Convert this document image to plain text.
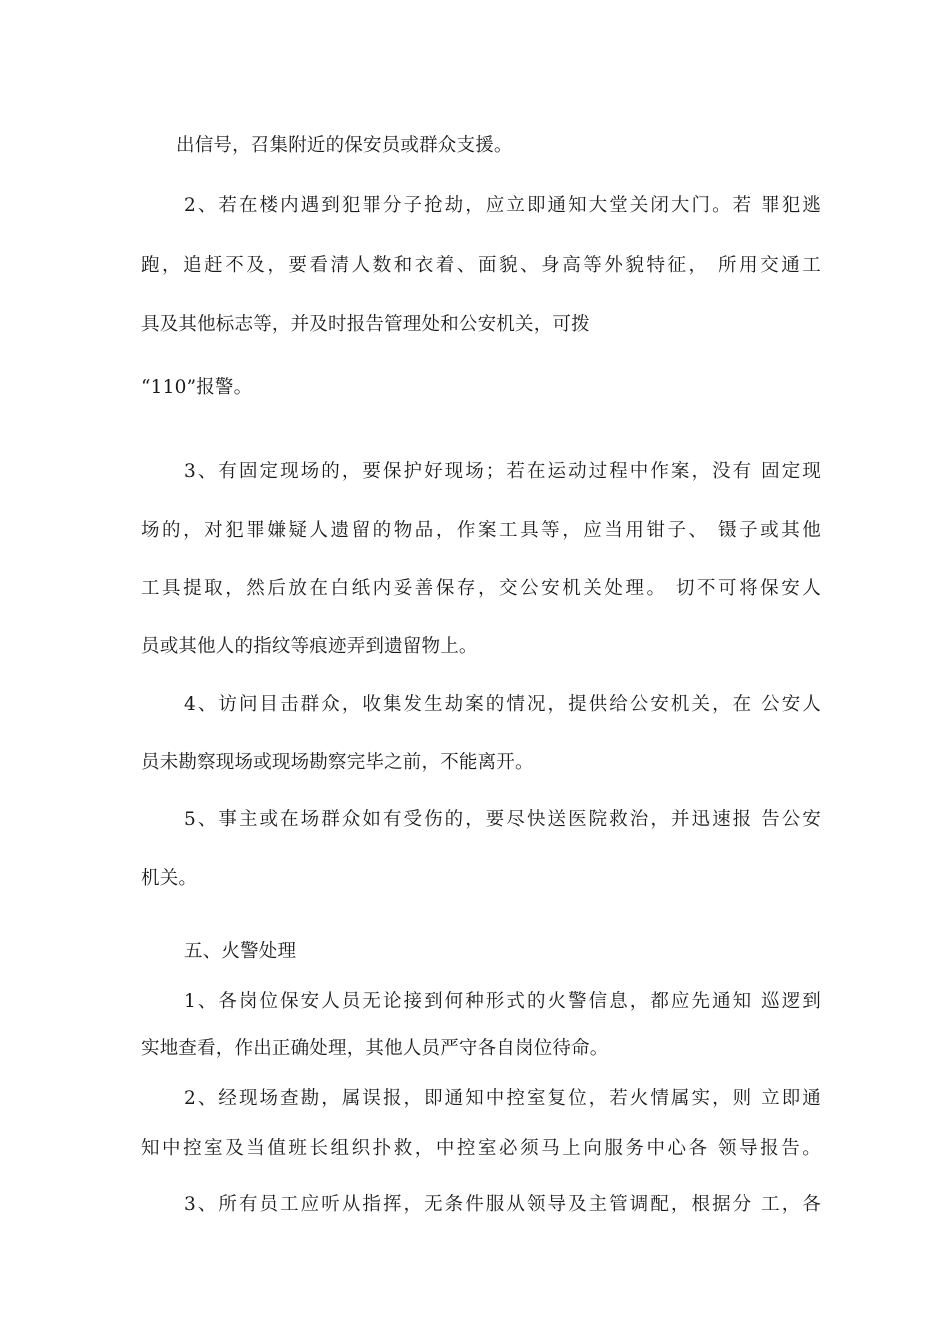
出信号，召集附近的保安员或群众支援。
2、若在楼内遇到犯罪分子抢劫，应立即通知大堂关闭大门。若 罪犯逃
跑，追赶不及，要看清人数和衣着、面貌、身高等外貌特征， 所用交通工
具及其他标志等，并及时报告管理处和公安机关，可拨
“110”报警。
3、有固定现场的，要保护好现场；若在运动过程中作案，没有 固定现
场的，对犯罪嫌疑人遗留的物品，作案工具等，应当用钳子、 镊子或其他
工具提取，然后放在白纸内妥善保存，交公安机关处理。 切不可将保安人
员或其他人的指纹等痕迹弄到遗留物上。
4、访问目击群众，收集发生劫案的情况，提供给公安机关，在 公安人
员未勘察现场或现场勘察完毕之前，不能离开。
5、事主或在场群众如有受伤的，要尽快送医院救治，并迅速报 告公安
机关。
五、火警处理
1、各岗位保安人员无论接到何种形式的火警信息，都应先通知 巡逻到
实地查看，作出正确处理，其他人员严守各自岗位待命。
2、经现场查勘，属误报，即通知中控室复位，若火情属实，则 立即通
知中控室及当值班长组织扑救，中控室必须马上向服务中心各 领导报告。
3、所有员工应听从指挥，无条件服从领导及主管调配，根据分 工，各
